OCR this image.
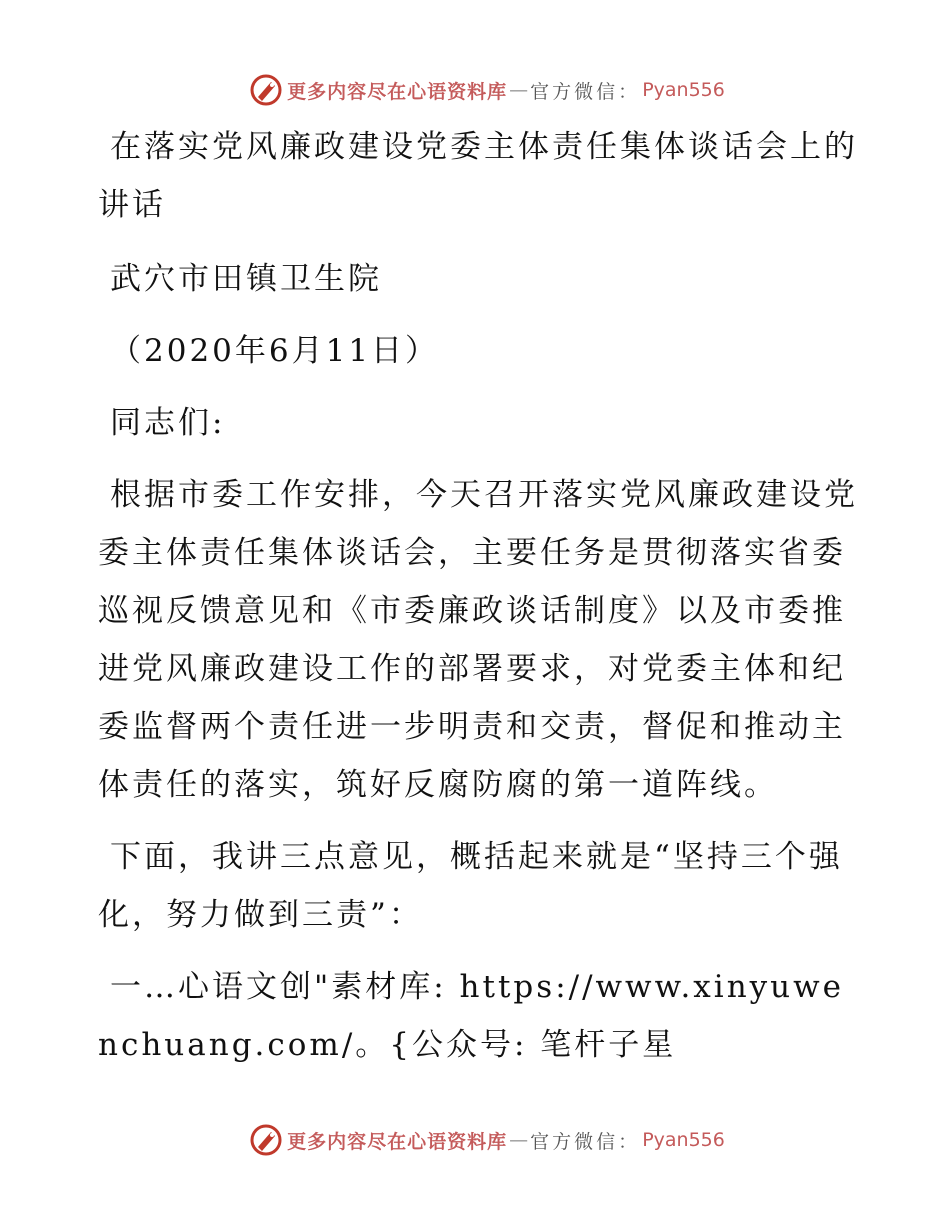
更多内容尽在心语资料库 — 官方微信： Pyan556

在落实党风廉政建设党委主体责任集体谈话会上的讲话

武穴市田镇卫生院

（2020年6月11日）

同志们:

根据市委工作安排，今天召开落实党风廉政建设党委主体责任集体谈话会，主要任务是贯彻落实省委巡视反馈意见和《市委廉政谈话制度》以及市委推进党风廉政建设工作的部署要求，对党委主体和纪委监督两个责任进一步明责和交责，督促和推动主体责任的落实，筑好反腐防腐的第一道阵线。

下面，我讲三点意见，概括起来就是“坚持三个强化，努力做到三责”：

一…心语文创"素材库: https://www.xinyuwenchuang.com/。{公众号: 笔杆子星

更多内容尽在心语资料库 — 官方微信： Pyan556
